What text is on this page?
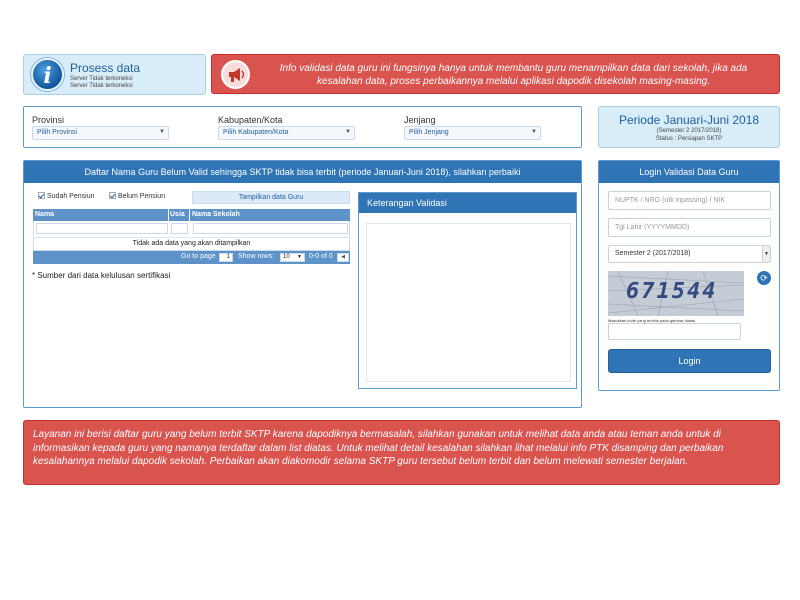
i	Prosess data
Server Tidak terkoneksi
Server Tidak terkoneksi
Info validasi data guru ini fungsinya hanya untuk membantu guru menampilkan data dari sekolah, jika ada kesalahan data, proses perbaikannya melalui aplikasi dapodik disekolah masing-masing.
Provinsi
Pilih Provinsi	▼
Kabupaten/Kota
Pilih Kabupaten/Kota	▼
Jenjang
Pilih Jenjang	▼
Periode Januari-Juni 2018
(Semester 2 2017/2018)
Status : Persiapan SKTP
Daftar Nama Guru Belum Valid sehingga SKTP tidak bisa terbit (periode Januari-Juni 2018), silahkan perbaiki
Sudah Pensiun	Belum Pensiun	Tampilkan data Guru
Nama	Usia Nama Sekolah
Tidak ada data yang akan ditampilkan
Go to page 1 Show rows:	10 ▼ 0-0 of 0	◀
* Sumber dari data kelulusan sertifikasi
Keterangan Validasi
Login Validasi Data Guru
NUPTK / NRG (utk inpassing) / NIK
Tgl Lahir (YYYYMMDD)
Semester 2 (2017/2018)	▼
671544
⟳
Masukkan kode yang tertulis pada gambar diatas
Login
Layanan ini berisi daftar guru yang belum terbit SKTP karena dapodiknya bermasalah, silahkan gunakan untuk melihat data anda atau teman anda untuk di informasikan kepada guru yang namanya terdaftar dalam list diatas. Untuk melihat detail kesalahan silahkan lihat melalui info PTK disamping dan perbaikan kesalahannya melalui dapodik sekolah. Perbaikan akan diakomodir selama SKTP guru tersebut belum terbit dan belum melewati semester berjalan.
